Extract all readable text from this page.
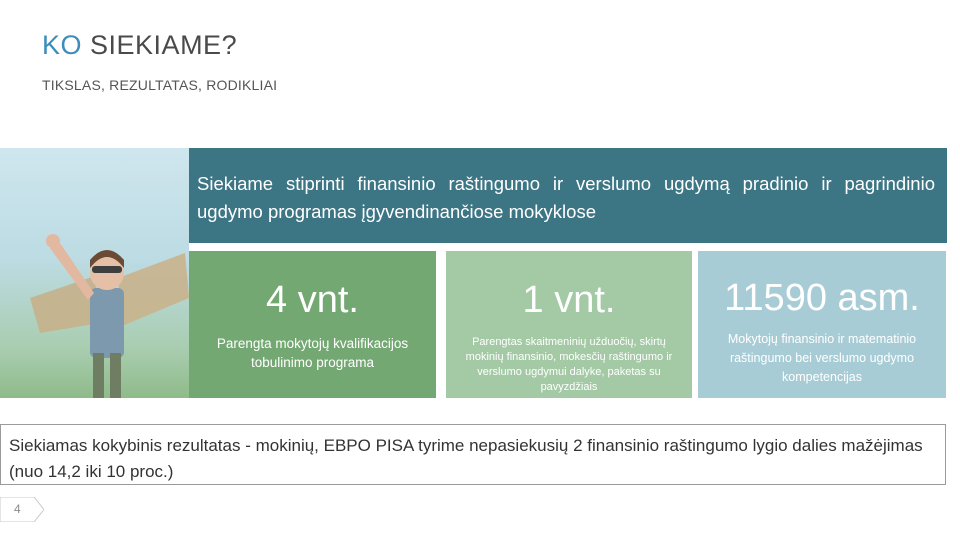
KO SIEKIAME?
TIKSLAS, REZULTATAS, RODIKLIAI
Siekiame stiprinti finansinio raštingumo ir verslumo ugdymą pradinio ir pagrindinio ugdymo programas įgyvendinančiose mokyklose
4 vnt.
Parengta mokytojų kvalifikacijos tobulinimo programa
1 vnt.
Parengtas skaitmeninių užduočių, skirtų mokinių finansinio, mokesčių raštingumo ir verslumo ugdymui dalyke, paketas su pavyzdžiais
11590 asm.
Mokytojų finansinio ir matematinio raštingumo bei verslumo ugdymo kompetencijas
Siekiamas kokybinis rezultatas - mokinių, EBPO PISA tyrime nepasiekusių 2 finansinio raštingumo lygio dalies mažėjimas (nuo 14,2 iki 10 proc.)
4
